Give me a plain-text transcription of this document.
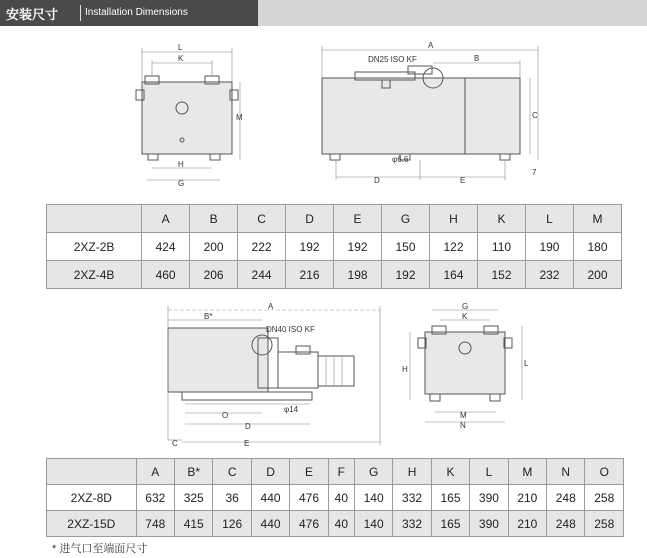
安装尺寸	Installation Dimensions
L
K
M
H
G
A
B
C
D	E
DN25 ISO KF
φ6.6
7
	A	B	C	D	E	G	H	K	L	M
2XZ-2B	424	200	222	192	192	150	122	110	190	180
2XZ-4B	460	206	244	216	198	192	164	152	232	200
A
B*
DN40 ISO KF
O
D
C	E
φ14
G
K
H
L
M
N
	A	B*	C	D	E	F	G	H	K	L	M	N	O
2XZ-8D	632	325	36	440	476	40	140	332	165	390	210	248	258
2XZ-15D	748	415	126	440	476	40	140	332	165	390	210	248	258
* 进气口至端面尺寸
